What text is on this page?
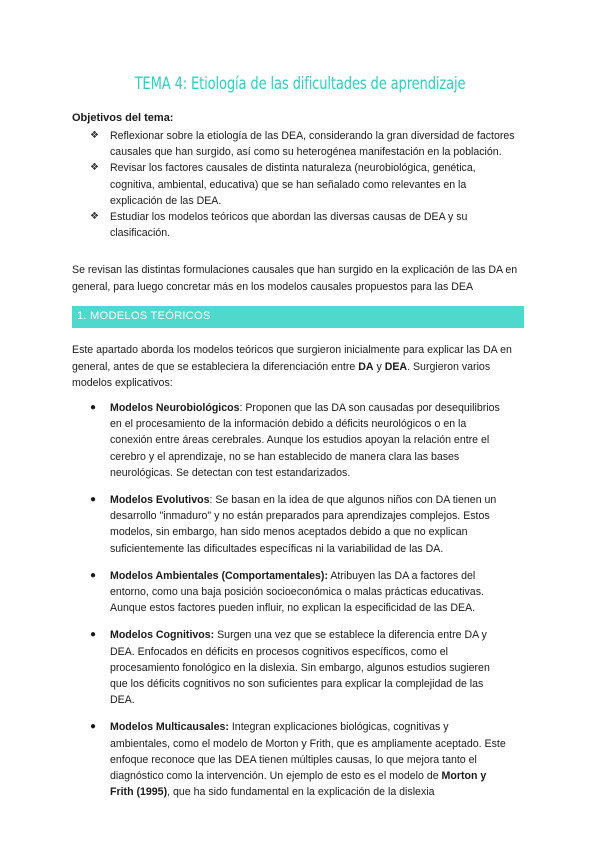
TEMA 4: Etiología de las dificultades de aprendizaje
Objetivos del tema:
❖ Reflexionar sobre la etiología de las DEA, considerando la gran diversidad de factores causales que han surgido, así como su heterogénea manifestación en la población.
❖ Revisar los factores causales de distinta naturaleza (neurobiológica, genética, cognitiva, ambiental, educativa) que se han señalado como relevantes en la explicación de las DEA.
❖ Estudiar los modelos teóricos que abordan las diversas causas de DEA y su clasificación.

Se revisan las distintas formulaciones causales que han surgido en la explicación de las DA en general, para luego concretar más en los modelos causales propuestos para las DEA

1. MODELOS TEÓRICOS

Este apartado aborda los modelos teóricos que surgieron inicialmente para explicar las DA en general, antes de que se estableciera la diferenciación entre DA y DEA. Surgieron varios modelos explicativos:

● Modelos Neurobiológicos: Proponen que las DA son causadas por desequilibrios en el procesamiento de la información debido a déficits neurológicos o en la conexión entre áreas cerebrales. Aunque los estudios apoyan la relación entre el cerebro y el aprendizaje, no se han establecido de manera clara las bases neurológicas. Se detectan con test estandarizados.
● Modelos Evolutivos: Se basan en la idea de que algunos niños con DA tienen un desarrollo "inmaduro" y no están preparados para aprendizajes complejos. Estos modelos, sin embargo, han sido menos aceptados debido a que no explican suficientemente las dificultades específicas ni la variabilidad de las DA.
● Modelos Ambientales (Comportamentales): Atribuyen las DA a factores del entorno, como una baja posición socioeconómica o malas prácticas educativas. Aunque estos factores pueden influir, no explican la especificidad de las DEA.
● Modelos Cognitivos: Surgen una vez que se establece la diferencia entre DA y DEA. Enfocados en déficits en procesos cognitivos específicos, como el procesamiento fonológico en la dislexia. Sin embargo, algunos estudios sugieren que los déficits cognitivos no son suficientes para explicar la complejidad de las DEA.
● Modelos Multicausales: Integran explicaciones biológicas, cognitivas y ambientales, como el modelo de Morton y Frith, que es ampliamente aceptado. Este enfoque reconoce que las DEA tienen múltiples causas, lo que mejora tanto el diagnóstico como la intervención. Un ejemplo de esto es el modelo de Morton y Frith (1995), que ha sido fundamental en la explicación de la dislexia
